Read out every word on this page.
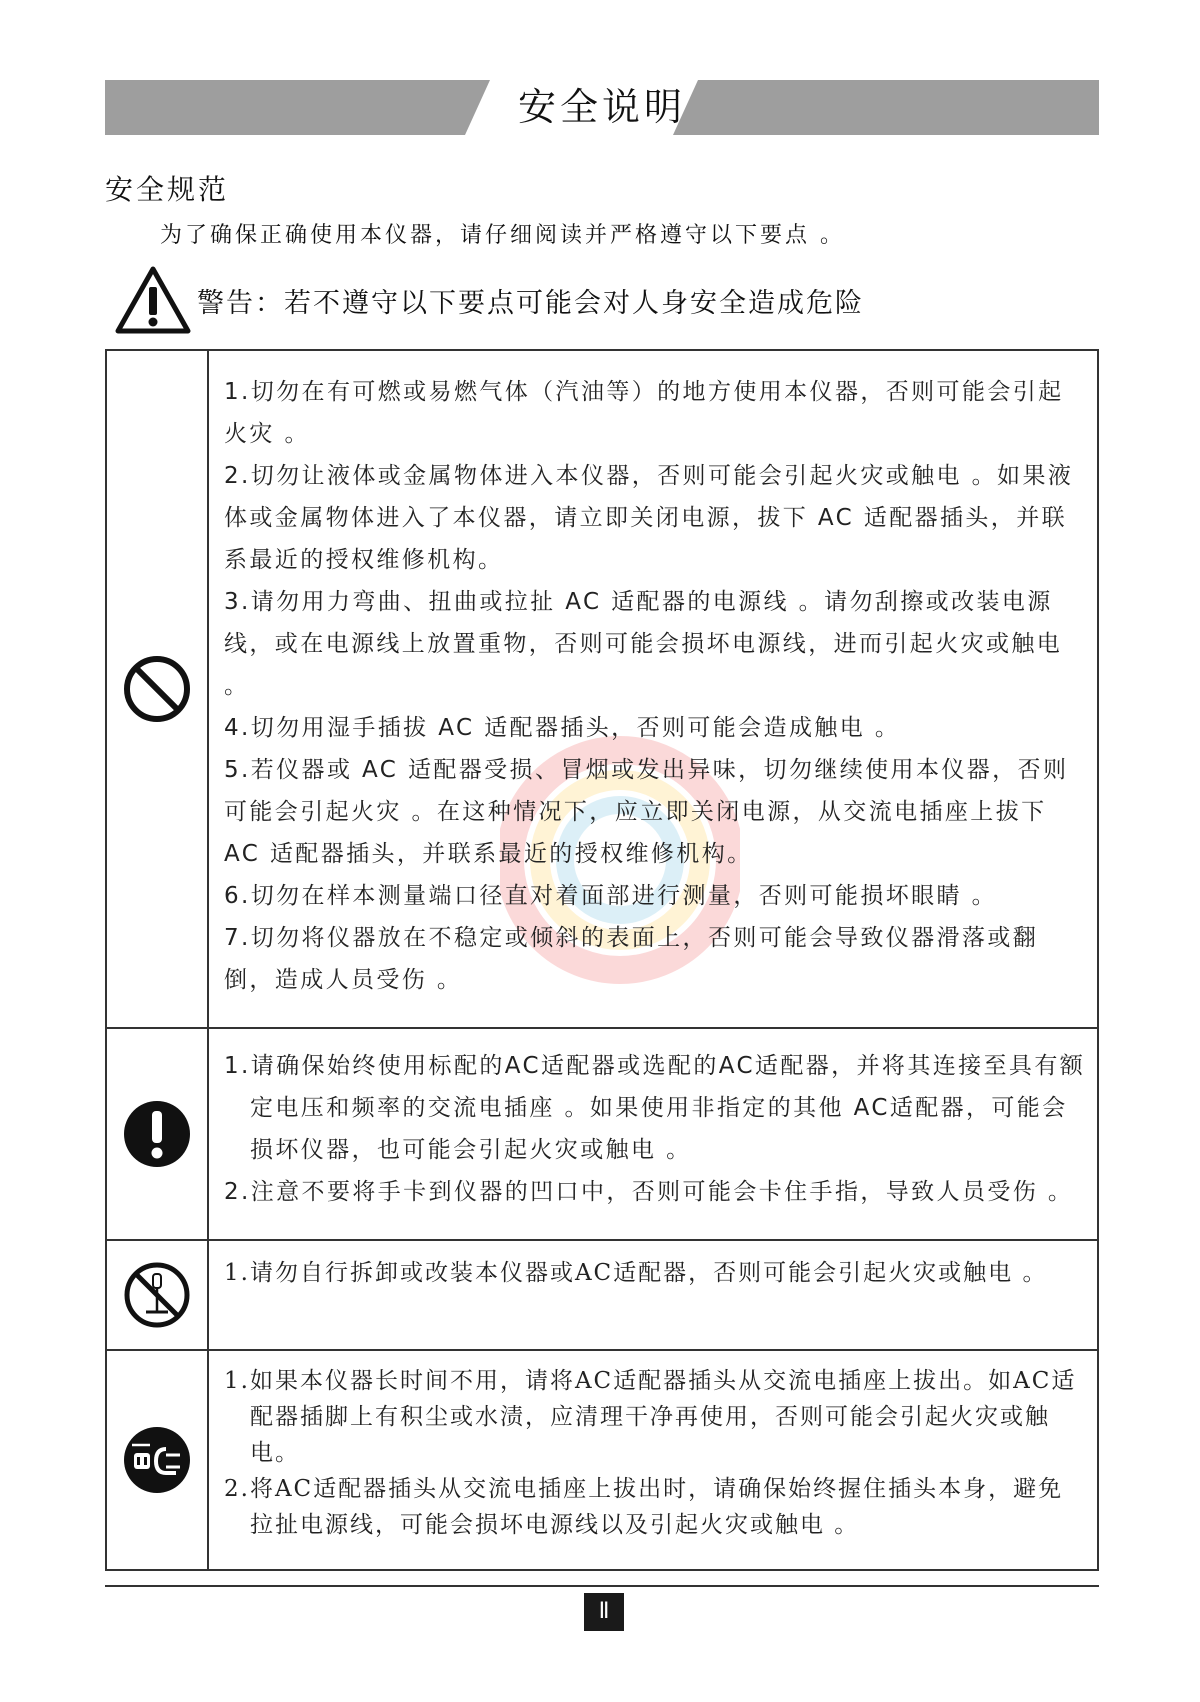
安全说明
安全规范

为了确保正确使用本仪器，请仔细阅读并严格遵守以下要点 。

警告：若不遵守以下要点可能会对人身安全造成危险

1.切勿在有可燃或易燃气体（汽油等）的地方使用本仪器，否则可能会引起火灾 。

2.切勿让液体或金属物体进入本仪器，否则可能会引起火灾或触电 。如果液体或金属物体进入了本仪器，请立即关闭电源，拔下 AC 适配器插头，并联系最近的授权维修机构。

3.请勿用力弯曲、扭曲或拉扯 AC 适配器的电源线 。请勿刮擦或改装电源线，或在电源线上放置重物，否则可能会损坏电源线，进而引起火灾或触电 。

4.切勿用湿手插拔 AC 适配器插头，否则可能会造成触电 。

5.若仪器或 AC 适配器受损、冒烟或发出异味，切勿继续使用本仪器，否则可能会引起火灾 。在这种情况下，应立即关闭电源，从交流电插座上拔下 AC 适配器插头，并联系最近的授权维修机构。

6.切勿在样本测量端口径直对着面部进行测量，否则可能损坏眼睛 。

7.切勿将仪器放在不稳定或倾斜的表面上，否则可能会导致仪器滑落或翻倒，造成人员受伤 。

1.请确保始终使用标配的AC适配器或选配的AC适配器，并将其连接至具有额定电压和频率的交流电插座 。如果使用非指定的其他 AC适配器，可能会损坏仪器，也可能会引起火灾或触电 。

2.注意不要将手卡到仪器的凹口中，否则可能会卡住手指，导致人员受伤 。

1.请勿自行拆卸或改装本仪器或AC适配器，否则可能会引起火灾或触电 。

1.如果本仪器长时间不用，请将AC适配器插头从交流电插座上拔出。如AC适配器插脚上有积尘或水渍，应清理干净再使用，否则可能会引起火灾或触电。

2.将AC适配器插头从交流电插座上拔出时，请确保始终握住插头本身，避免拉扯电源线，可能会损坏电源线以及引起火灾或触电 。

Ⅱ
